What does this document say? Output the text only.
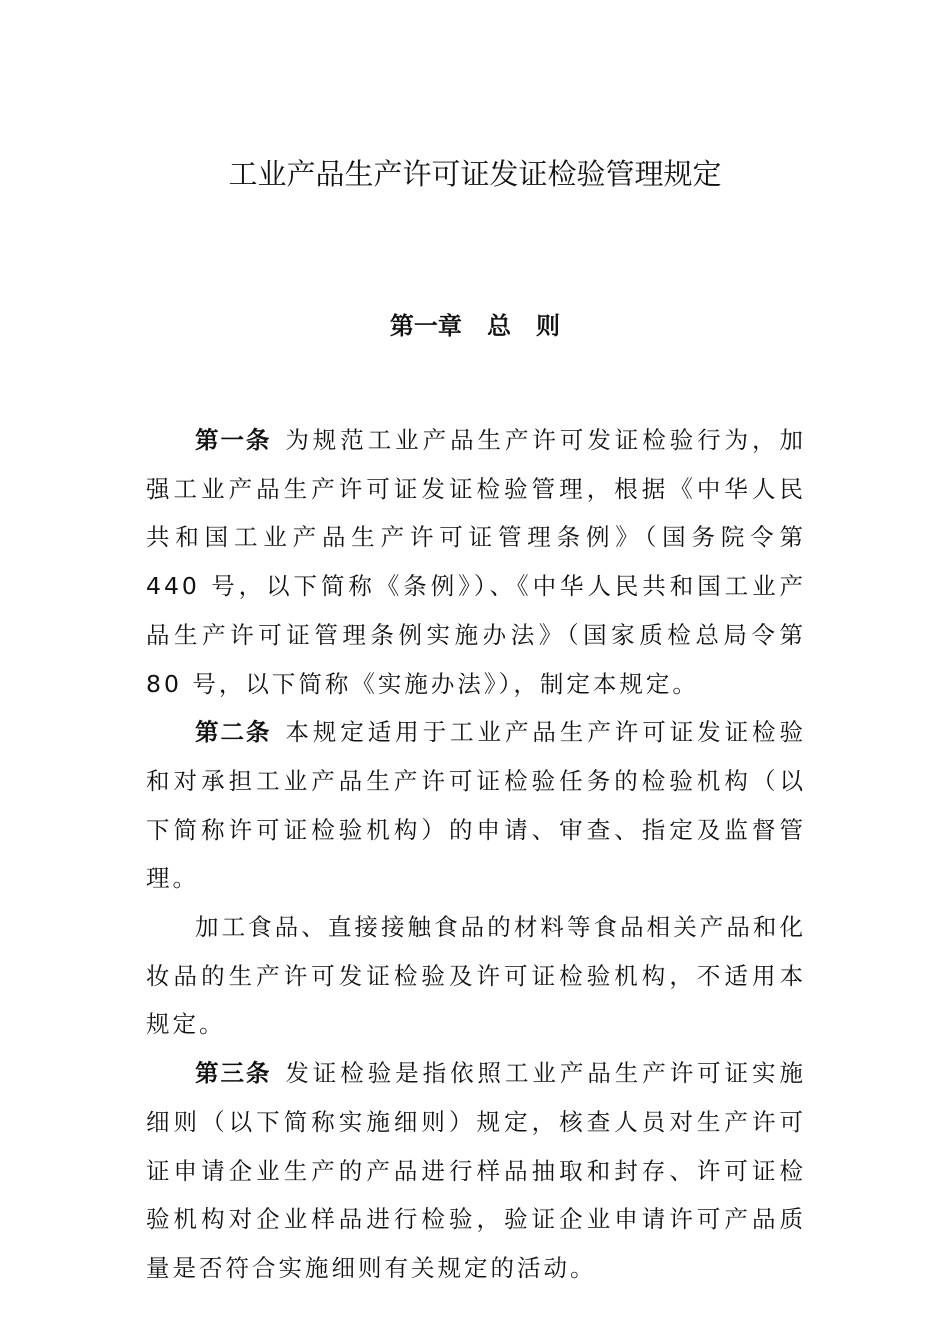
工业产品生产许可证发证检验管理规定
第一章   总   则

第一条 为规范工业产品生产许可发证检验行为，加强工业产品生产许可证发证检验管理，根据《中华人民共和国工业产品生产许可证管理条例》（国务院令第 440 号，以下简称《条例》）、《中华人民共和国工业产品生产许可证管理条例实施办法》（国家质检总局令第 80 号，以下简称《实施办法》），制定本规定。

第二条 本规定适用于工业产品生产许可证发证检验和对承担工业产品生产许可证检验任务的检验机构（以下简称许可证检验机构）的申请、审查、指定及监督管理。

加工食品、直接接触食品的材料等食品相关产品和化妆品的生产许可发证检验及许可证检验机构，不适用本规定。

第三条 发证检验是指依照工业产品生产许可证实施细则（以下简称实施细则）规定，核查人员对生产许可证申请企业生产的产品进行样品抽取和封存、许可证检验机构对企业样品进行检验，验证企业申请许可产品质量是否符合实施细则有关规定的活动。
